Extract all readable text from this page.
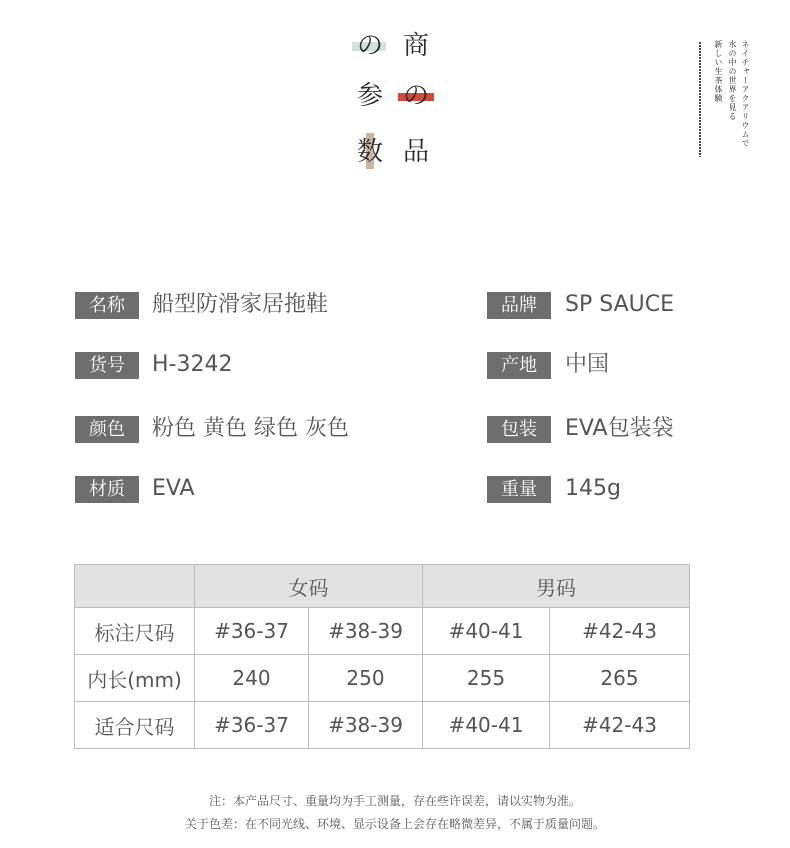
の 商
参 の
数 品
ネイチャーアクアリウムで
水の中の世界を見る
新しい生茶体験
名称	船型防滑家居拖鞋
货号	H-3242
颜色	粉色 黄色 绿色 灰色
材质	EVA
品牌	SP SAUCE
产地	中国
包装	EVA包装袋
重量	145g
	女码		男码	
标注尺码	#36-37	#38-39	#40-41	#42-43
内长(mm)	240	250	255	265
适合尺码	#36-37	#38-39	#40-41	#42-43
注：本产品尺寸、重量均为手工测量，存在些许误差，请以实物为准。
关于色差：在不同光线、环境、显示设备上会存在略微差异，不属于质量问题。
